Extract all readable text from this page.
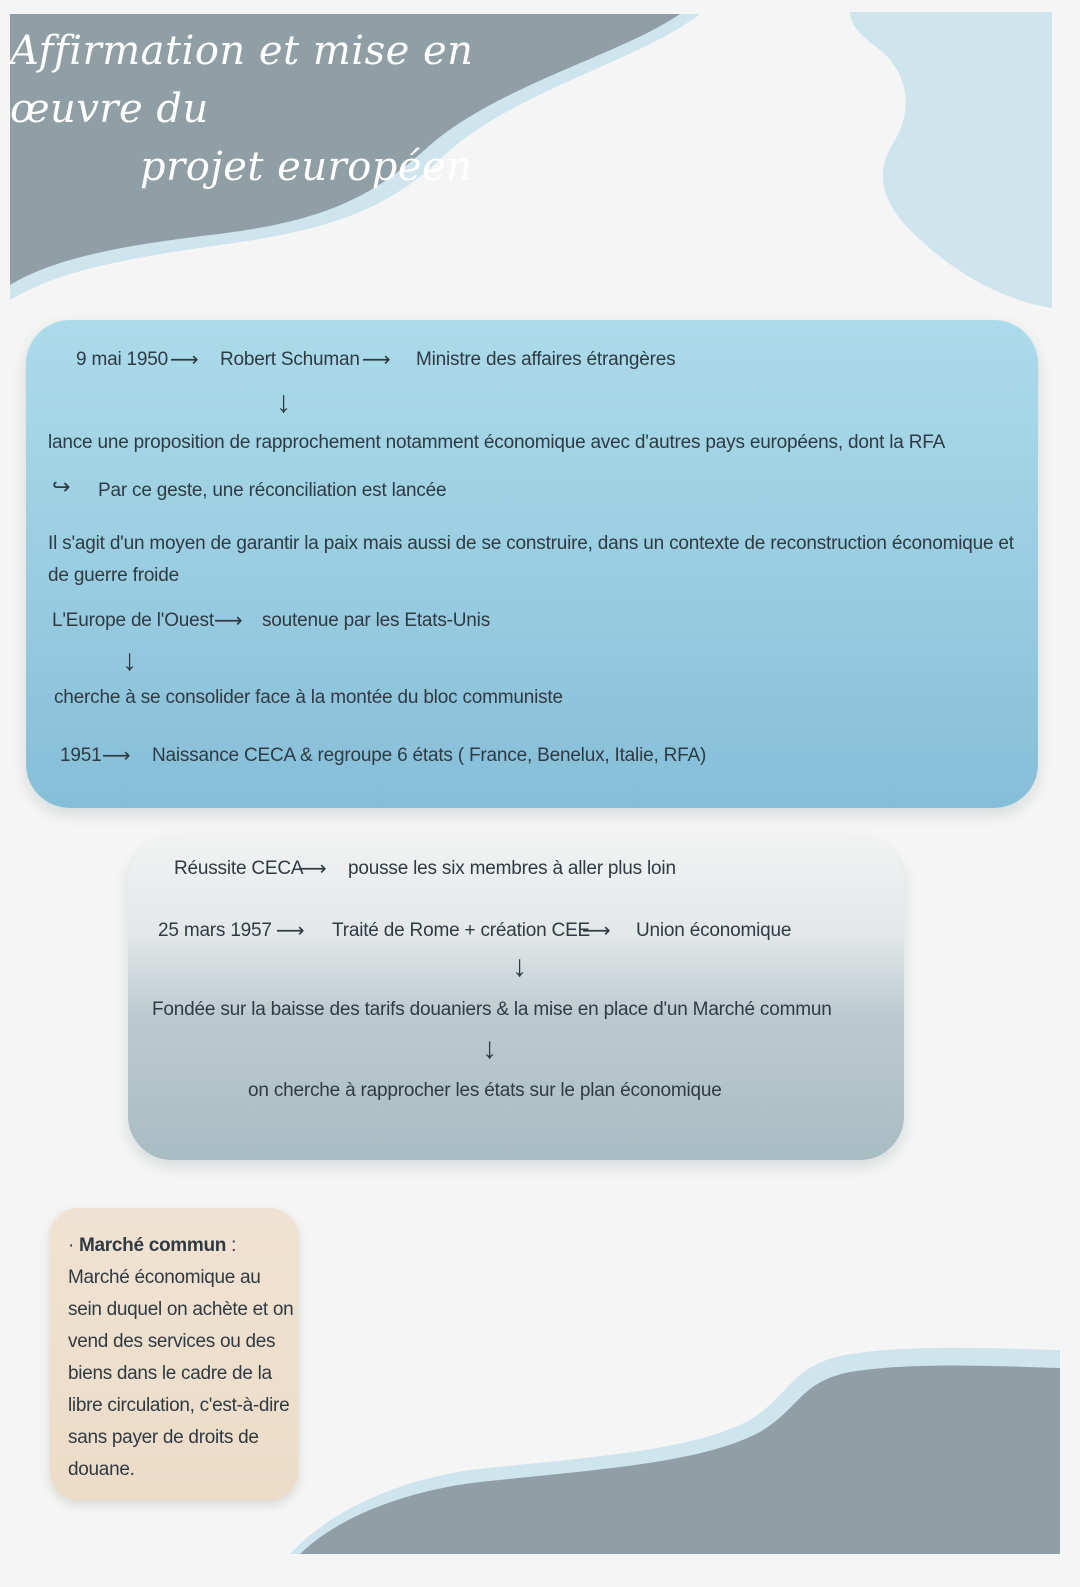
Affirmation et mise en œuvre du
projet européen
9 mai 1950 ⟶ Robert Schuman ⟶ Ministre des affaires étrangères
↓
lance une proposition de rapprochement notamment économique avec d'autres pays européens, dont la RFA
↪ Par ce geste, une réconciliation est lancée
Il s'agit d'un moyen de garantir la paix mais aussi de se construire, dans un contexte de reconstruction économique et de guerre froide
L'Europe de l'Ouest ⟶ soutenue par les Etats-Unis
↓
cherche à se consolider face à la montée du bloc communiste
1951 ⟶ Naissance CECA & regroupe 6 états ( France, Benelux, Italie, RFA)
Réussite CECA
⟶ pousse les six membres à aller plus loin
25 mars 1957 ⟶ Traité de Rome + création CEE
⟶ Union économique
↓
Fondée sur la baisse des tarifs douaniers & la mise en place d'un Marché commun
↓
on cherche à rapprocher les états sur le plan économique
· Marché commun : Marché économique au sein duquel on achète et on vend des services ou des biens dans le cadre de la libre circulation, c'est-à-dire sans payer de droits de douane.
